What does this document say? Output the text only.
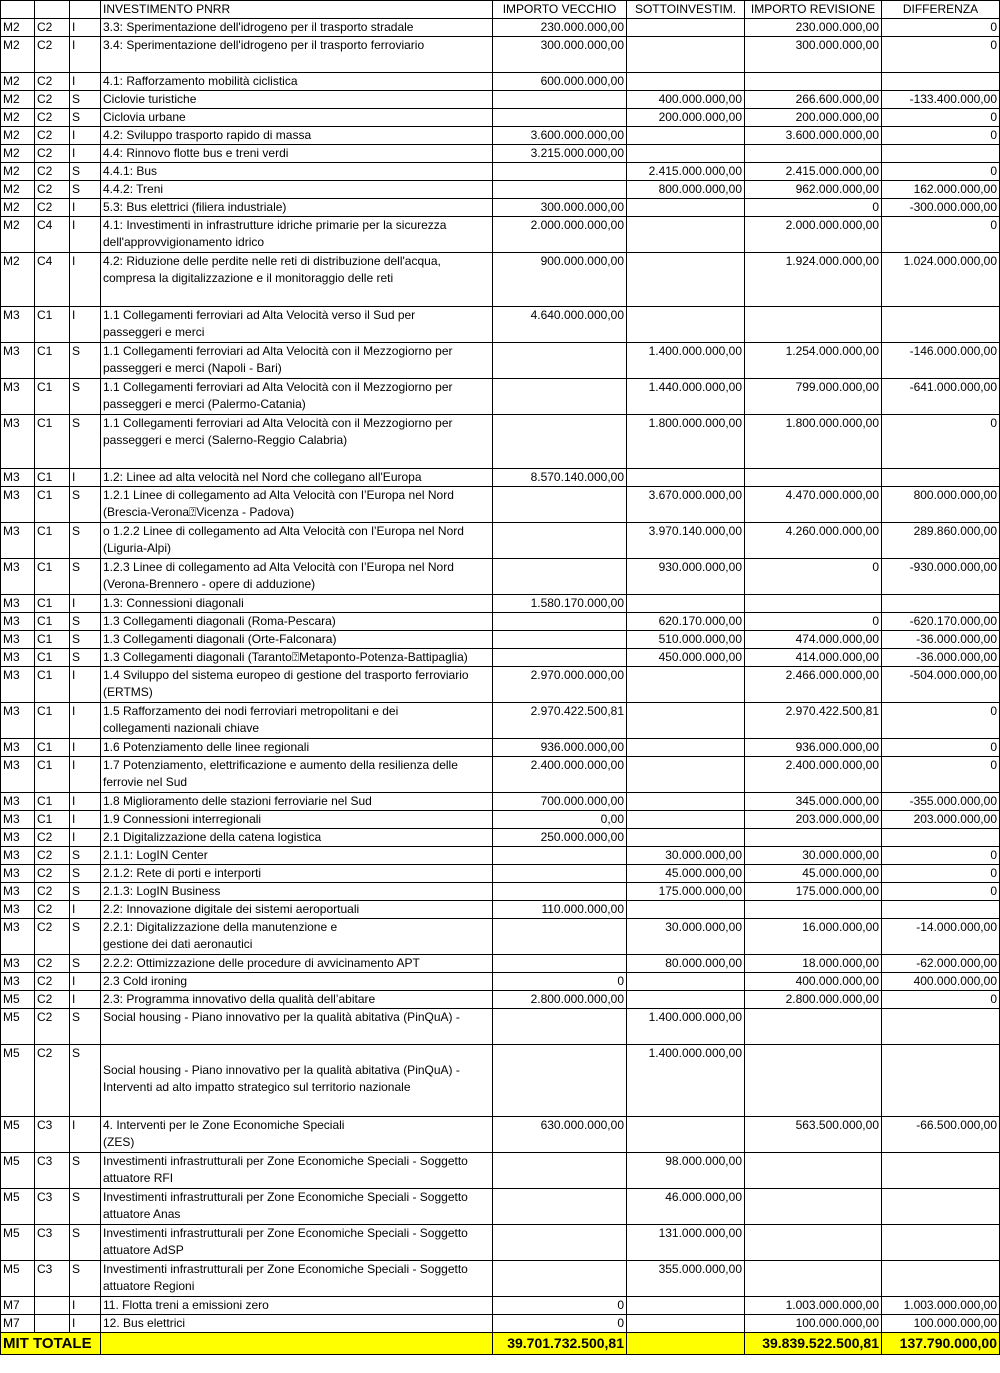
			INVESTIMENTO PNRR	IMPORTO VECCHIO	SOTTOINVESTIM.	IMPORTO REVISIONE	DIFFERENZA
M2	C2	I	3.3: Sperimentazione dell'idrogeno per il trasporto stradale	230.000.000,00		230.000.000,00	0
M2	C2	I	3.4: Sperimentazione dell'idrogeno per il trasporto ferroviario	300.000.000,00		300.000.000,00	0
M2	C2	I	4.1: Rafforzamento mobilità ciclistica	600.000.000,00			
M2	C2	S	Ciclovie turistiche		400.000.000,00	266.600.000,00	-133.400.000,00
M2	C2	S	Ciclovia urbane		200.000.000,00	200.000.000,00	0
M2	C2	I	4.2: Sviluppo trasporto rapido di massa	3.600.000.000,00		3.600.000.000,00	0
M2	C2	I	4.4: Rinnovo flotte bus e treni verdi	3.215.000.000,00			
M2	C2	S	4.4.1: Bus		2.415.000.000,00	2.415.000.000,00	0
M2	C2	S	4.4.2: Treni		800.000.000,00	962.000.000,00	162.000.000,00
M2	C2	I	5.3: Bus elettrici (filiera industriale)	300.000.000,00		0	-300.000.000,00
M2	C4	I	4.1: Investimenti in infrastrutture idriche primarie per la sicurezza
dell'approvvigionamento idrico	2.000.000.000,00		2.000.000.000,00	0
M2	C4	I	4.2: Riduzione delle perdite nelle reti di distribuzione dell'acqua,
compresa la digitalizzazione e il monitoraggio delle reti	900.000.000,00		1.924.000.000,00	1.024.000.000,00
M3	C1	I	1.1 Collegamenti ferroviari ad Alta Velocità verso il Sud per
passeggeri e merci	4.640.000.000,00			
M3	C1	S	1.1 Collegamenti ferroviari ad Alta Velocità con il Mezzogiorno per
passeggeri e merci (Napoli - Bari)		1.400.000.000,00	1.254.000.000,00	-146.000.000,00
M3	C1	S	1.1 Collegamenti ferroviari ad Alta Velocità con il Mezzogiorno per
passeggeri e merci (Palermo-Catania)		1.440.000.000,00	799.000.000,00	-641.000.000,00
M3	C1	S	1.1 Collegamenti ferroviari ad Alta Velocità con il Mezzogiorno per
passeggeri e merci (Salerno-Reggio Calabria)		1.800.000.000,00	1.800.000.000,00	0
M3	C1	I	1.2: Linee ad alta velocità nel Nord che collegano all'Europa	8.570.140.000,00			
M3	C1	S	1.2.1 Linee di collegamento ad Alta Velocità con l’Europa nel Nord
(Brescia-Verona⍰Vicenza - Padova)		3.670.000.000,00	4.470.000.000,00	800.000.000,00
M3	C1	S	o 1.2.2 Linee di collegamento ad Alta Velocità con l’Europa nel Nord
(Liguria-Alpi)		3.970.140.000,00	4.260.000.000,00	289.860.000,00
M3	C1	S	1.2.3 Linee di collegamento ad Alta Velocità con l’Europa nel Nord
(Verona-Brennero - opere di adduzione)		930.000.000,00	0	-930.000.000,00
M3	C1	I	1.3: Connessioni diagonali	1.580.170.000,00			
M3	C1	S	1.3 Collegamenti diagonali (Roma-Pescara)		620.170.000,00	0	-620.170.000,00
M3	C1	S	1.3 Collegamenti diagonali (Orte-Falconara)		510.000.000,00	474.000.000,00	-36.000.000,00
M3	C1	S	1.3 Collegamenti diagonali (Taranto⍰Metaponto-Potenza-Battipaglia)		450.000.000,00	414.000.000,00	-36.000.000,00
M3	C1	I	1.4 Sviluppo del sistema europeo di gestione del trasporto ferroviario
(ERTMS)	2.970.000.000,00		2.466.000.000,00	-504.000.000,00
M3	C1	I	1.5 Rafforzamento dei nodi ferroviari metropolitani e dei
collegamenti nazionali chiave	2.970.422.500,81		2.970.422.500,81	0
M3	C1	I	1.6 Potenziamento delle linee regionali	936.000.000,00		936.000.000,00	0
M3	C1	I	1.7 Potenziamento, elettrificazione e aumento della resilienza delle
ferrovie nel Sud	2.400.000.000,00		2.400.000.000,00	0
M3	C1	I	1.8 Miglioramento delle stazioni ferroviarie nel Sud	700.000.000,00		345.000.000,00	-355.000.000,00
M3	C1	I	1.9 Connessioni interregionali	0,00		203.000.000,00	203.000.000,00
M3	C2	I	2.1 Digitalizzazione della catena logistica	250.000.000,00			
M3	C2	S	2.1.1: LogIN Center		30.000.000,00	30.000.000,00	0
M3	C2	S	2.1.2: Rete di porti e interporti		45.000.000,00	45.000.000,00	0
M3	C2	S	2.1.3: LogIN Business		175.000.000,00	175.000.000,00	0
M3	C2	I	2.2: Innovazione digitale dei sistemi aeroportuali	110.000.000,00			
M3	C2	S	2.2.1: Digitalizzazione della manutenzione e
gestione dei dati aeronautici		30.000.000,00	16.000.000,00	-14.000.000,00
M3	C2	S	2.2.2: Ottimizzazione delle procedure di avvicinamento APT		80.000.000,00	18.000.000,00	-62.000.000,00
M3	C2	I	2.3 Cold ironing	0		400.000.000,00	400.000.000,00
M5	C2	I	2.3: Programma innovativo della qualità dell’abitare	2.800.000.000,00		2.800.000.000,00	0
M5	C2	S	Social housing - Piano innovativo per la qualità abitativa (PinQuA) -		1.400.000.000,00		
M5	C2	S	
Social housing - Piano innovativo per la qualità abitativa (PinQuA) -
Interventi ad alto impatto strategico sul territorio nazionale		1.400.000.000,00		
M5	C3	I	4. Interventi per le Zone Economiche Speciali
(ZES)	630.000.000,00		563.500.000,00	-66.500.000,00
M5	C3	S	Investimenti infrastrutturali per Zone Economiche Speciali - Soggetto
attuatore RFI		98.000.000,00		
M5	C3	S	Investimenti infrastrutturali per Zone Economiche Speciali - Soggetto
attuatore Anas		46.000.000,00		
M5	C3	S	Investimenti infrastrutturali per Zone Economiche Speciali - Soggetto
attuatore AdSP		131.000.000,00		
M5	C3	S	Investimenti infrastrutturali per Zone Economiche Speciali - Soggetto
attuatore Regioni		355.000.000,00		
M7		I	11. Flotta treni a emissioni zero	0		1.003.000.000,00	1.003.000.000,00
M7		I	12. Bus elettrici	0		100.000.000,00	100.000.000,00
MIT TOTALE				39.701.732.500,81		39.839.522.500,81	137.790.000,00
